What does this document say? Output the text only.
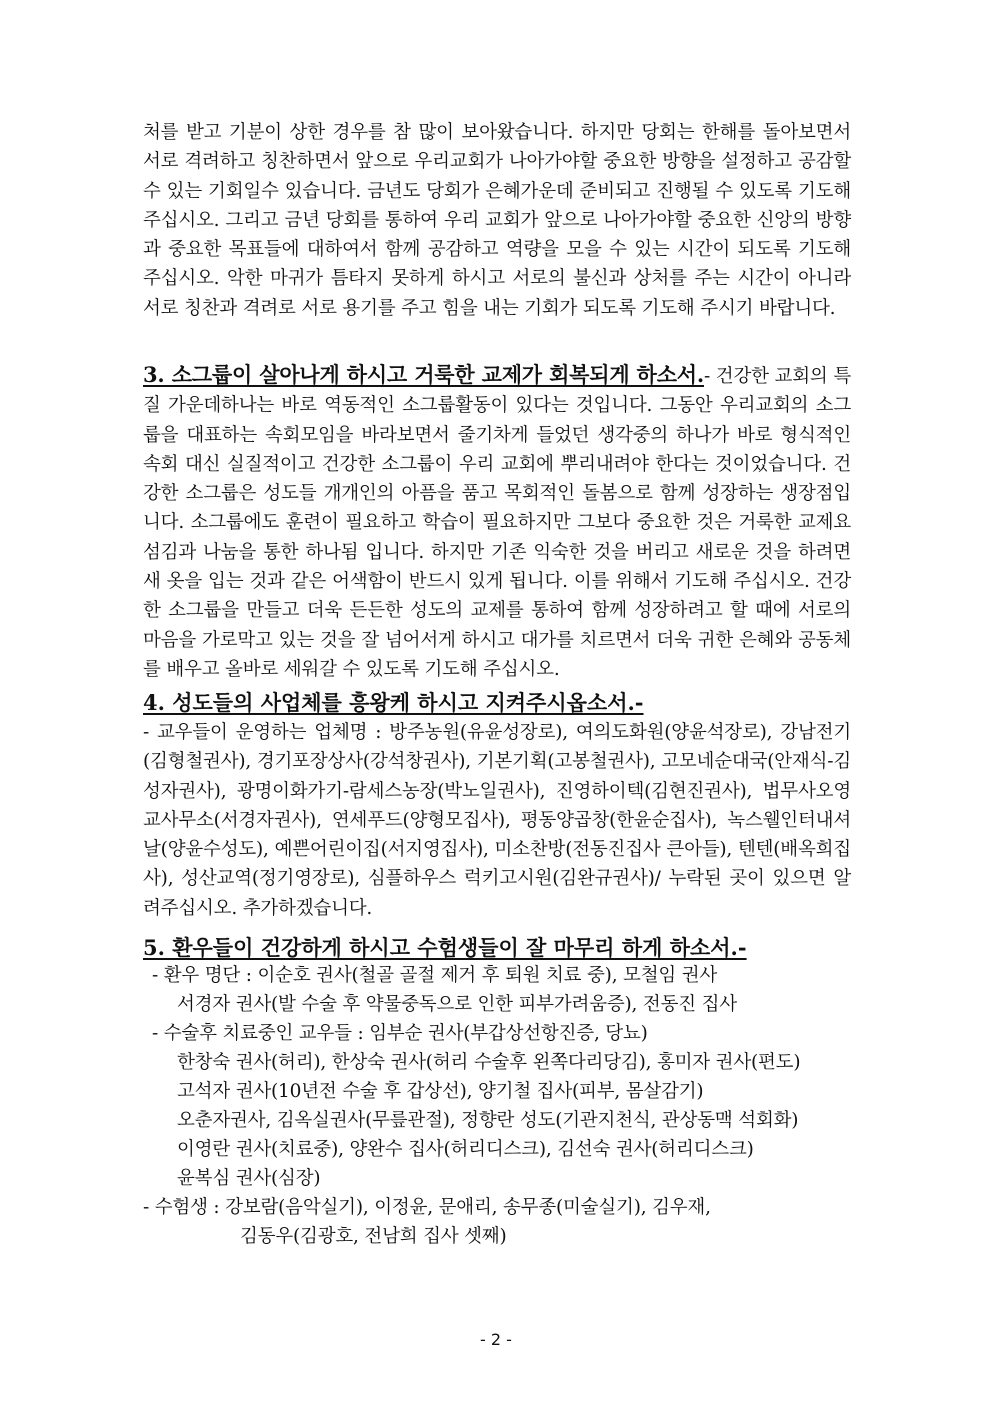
처를 받고 기분이 상한 경우를 참 많이 보아왔습니다. 하지만 당회는 한해를 돌아보면서 서로 격려하고 칭찬하면서 앞으로 우리교회가 나아가야할 중요한 방향을 설정하고 공감할 수 있는 기회일수 있습니다. 금년도 당회가 은혜가운데 준비되고 진행될 수 있도록 기도해주십시오. 그리고 금년 당회를 통하여 우리 교회가 앞으로 나아가야할 중요한 신앙의 방향과 중요한 목표들에 대하여서 함께 공감하고 역량을 모을 수 있는 시간이 되도록 기도해 주십시오. 악한 마귀가 틈타지 못하게 하시고 서로의 불신과 상처를 주는 시간이 아니라 서로 칭찬과 격려로 서로 용기를 주고 힘을 내는 기회가 되도록 기도해 주시기 바랍니다.
3. 소그룹이 살아나게 하시고 거룩한 교제가 회복되게 하소서.- 건강한 교회의 특질 가운데하나는 바로 역동적인 소그룹활동이 있다는 것입니다. 그동안 우리교회의 소그룹을 대표하는 속회모임을 바라보면서 줄기차게 들었던 생각중의 하나가 바로 형식적인 속회 대신 실질적이고 건강한 소그룹이 우리 교회에 뿌리내려야 한다는 것이었습니다. 건강한 소그룹은 성도들 개개인의 아픔을 품고 목회적인 돌봄으로 함께 성장하는 생장점입니다. 소그룹에도 훈련이 필요하고 학습이 필요하지만 그보다 중요한 것은 거룩한 교제요 섬김과 나눔을 통한 하나됨 입니다. 하지만 기존 익숙한 것을 버리고 새로운 것을 하려면 새 옷을 입는 것과 같은 어색함이 반드시 있게 됩니다. 이를 위해서 기도해 주십시오. 건강한 소그룹을 만들고 더욱 든든한 성도의 교제를 통하여 함께 성장하려고 할 때에 서로의 마음을 가로막고 있는 것을 잘 넘어서게 하시고 대가를 치르면서 더욱 귀한 은혜와 공동체를 배우고 올바로 세워갈 수 있도록 기도해 주십시오.
4. 성도들의 사업체를 흥왕케 하시고 지켜주시옵소서.-
- 교우들이 운영하는 업체명 : 방주농원(유윤성장로), 여의도화원(양윤석장로), 강남전기(김형철권사), 경기포장상사(강석창권사), 기본기획(고봉철권사), 고모네순대국(안재식-김성자권사), 광명이화가기-람세스농장(박노일권사), 진영하이텍(김현진권사), 법무사오영교사무소(서경자권사), 연세푸드(양형모집사), 평동양곱창(한윤순집사), 녹스웰인터내셔날(양윤수성도), 예쁜어린이집(서지영집사), 미소찬방(전동진집사 큰아들), 텐텐(배옥희집사), 성산교역(정기영장로), 심플하우스 럭키고시원(김완규권사)/ 누락된 곳이 있으면 알려주십시오. 추가하겠습니다.
5. 환우들이 건강하게 하시고 수험생들이 잘 마무리 하게 하소서.-
- 환우 명단 : 이순호 권사(철골 골절 제거 후 퇴원 치료 중), 모철임 권사
서경자 권사(발 수술 후 약물중독으로 인한 피부가려움증), 전동진 집사
- 수술후 치료중인 교우들 : 임부순 권사(부갑상선항진증, 당뇨)
한창숙 권사(허리), 한상숙 권사(허리 수술후 왼쪽다리당김), 홍미자 권사(편도)
고석자 권사(10년전 수술 후 갑상선), 양기철 집사(피부, 몸살감기)
오춘자권사, 김옥실권사(무릎관절), 정향란 성도(기관지천식, 관상동맥 석회화)
이영란 권사(치료중), 양완수 집사(허리디스크), 김선숙 권사(허리디스크)
윤복심 권사(심장)
- 수험생 : 강보람(음악실기), 이정윤, 문애리, 송무종(미술실기), 김우재,
김동우(김광호, 전남희 집사 셋째)
- 2 -
